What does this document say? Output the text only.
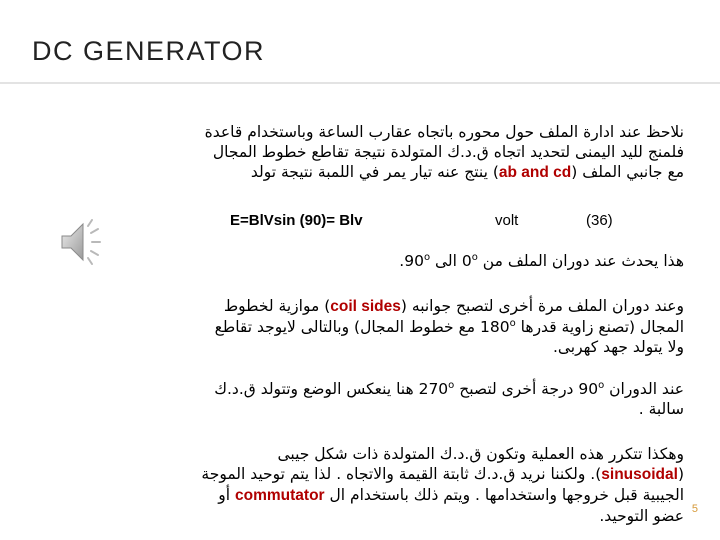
DC GENERATOR
نلاحظ عند ادارة الملف حول محوره باتجاه عقارب الساعة وباستخدام قاعدة
فلمنج لليد اليمنى لتحديد اتجاه ق.د.ك المتولدة نتيجة تقاطع خطوط المجال
مع جانبي الملف (ab and cd) ينتج عنه تيار يمر في اللمبة نتيجة تولد
E=BlVsin (90)= Blv	volt	(36)
هذا يحدث عند دوران الملف من 0$^o$ الى 90$^o$.
وعند دوران الملف مرة أخرى لتصبح جوانبه (coil sides) موازية لخطوط
المجال (تصنع زاوية قدرها 180$^o$ مع خطوط المجال) وبالتالى لايوجد تقاطع
ولا يتولد جهد كهربى.
عند الدوران 90$^o$ درجة أخرى لتصبح 270$^o$ هنا ينعكس الوضع وتتولد ق.د.ك
سالبة .
وهكذا تتكرر هذه العملية وتكون ق.د.ك المتولدة ذات شكل جيبى
(sinusoidal). ولكننا نريد ق.د.ك ثابتة القيمة والاتجاه . لذا يتم توحيد الموجة
الجيبية قبل خروجها واستخدامها . ويتم ذلك باستخدام ال commutator أو
عضو التوحيد. 5
